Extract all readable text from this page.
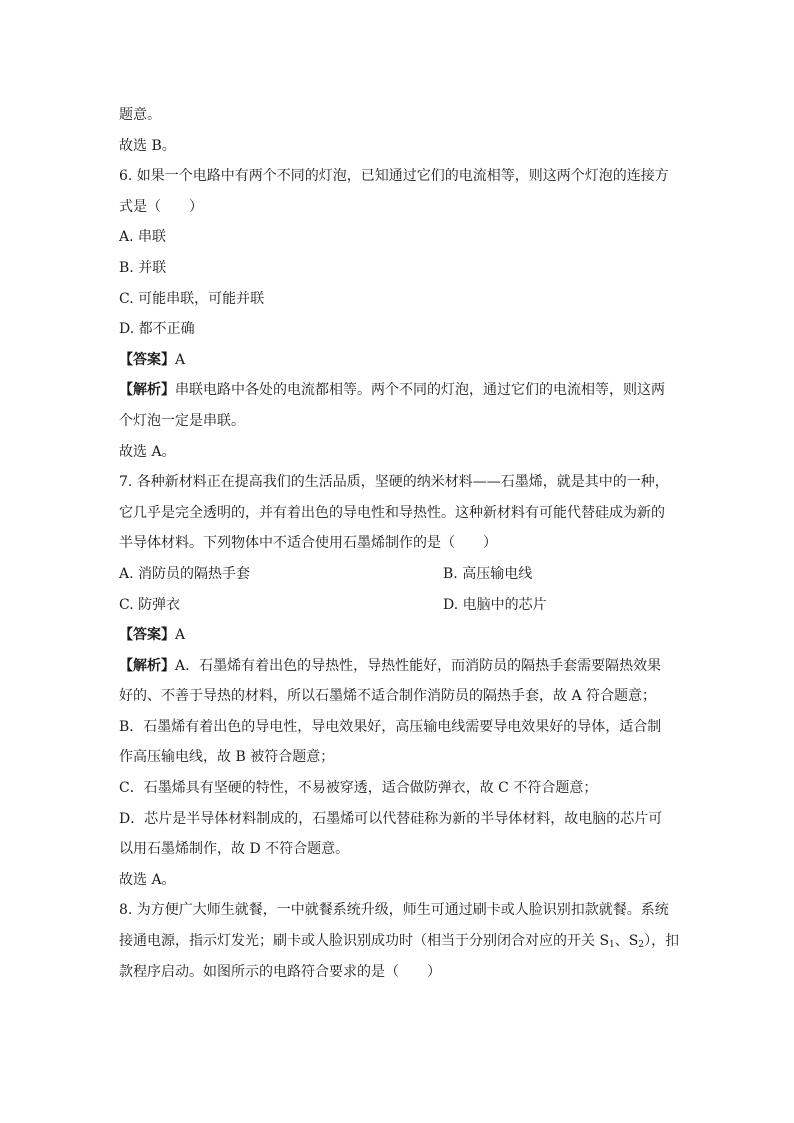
题意。
故选 B。
6. 如果一个电路中有两个不同的灯泡，已知通过它们的电流相等，则这两个灯泡的连接方
式是（　　）
A. 串联
B. 并联
C. 可能串联，可能并联
D. 都不正确
【答案】A
【解析】串联电路中各处的电流都相等。两个不同的灯泡，通过它们的电流相等，则这两
个灯泡一定是串联。
故选 A。
7. 各种新材料正在提高我们的生活品质，坚硬的纳米材料——石墨烯，就是其中的一种，
它几乎是完全透明的，并有着出色的导电性和导热性。这种新材料有可能代替硅成为新的
半导体材料。下列物体中不适合使用石墨烯制作的是（　　）
A. 消防员的隔热手套	B. 高压输电线
C. 防弹衣	D. 电脑中的芯片
【答案】A
【解析】A．石墨烯有着出色的导热性，导热性能好，而消防员的隔热手套需要隔热效果
好的、不善于导热的材料，所以石墨烯不适合制作消防员的隔热手套，故 A 符合题意；
B．石墨烯有着出色的导电性，导电效果好，高压输电线需要导电效果好的导体，适合制
作高压输电线，故 B 被符合题意；
C．石墨烯具有坚硬的特性，不易被穿透，适合做防弹衣，故 C 不符合题意；
D．芯片是半导体材料制成的，石墨烯可以代替硅称为新的半导体材料，故电脑的芯片可
以用石墨烯制作，故 D 不符合题意。
故选 A。
8. 为方便广大师生就餐，一中就餐系统升级，师生可通过刷卡或人脸识别扣款就餐。系统
接通电源，指示灯发光；刷卡或人脸识别成功时（相当于分别闭合对应的开关 $S_1$、$S_2$），扣
款程序启动。如图所示的电路符合要求的是（　　）
